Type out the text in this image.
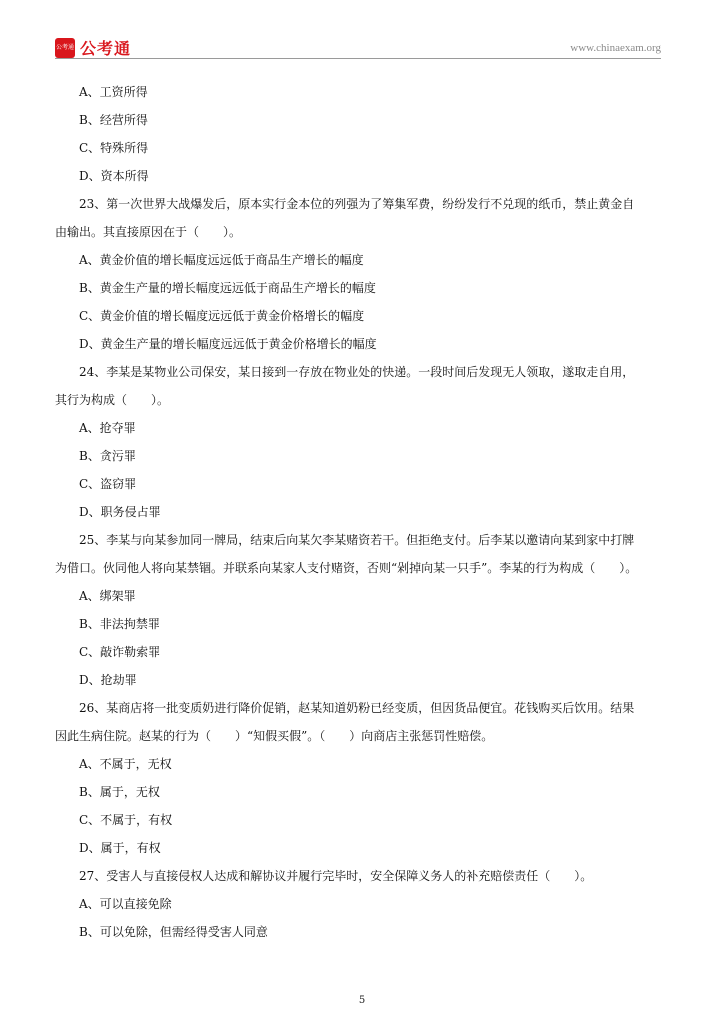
公考通 公考通	www.chinaexam.org
A、工资所得
B、经营所得
C、特殊所得
D、资本所得
23、第一次世界大战爆发后，原本实行金本位的列强为了筹集军费，纷纷发行不兑现的纸币，禁止黄金自
由输出。其直接原因在于（　　）。
A、黄金价值的增长幅度远远低于商品生产增长的幅度
B、黄金生产量的增长幅度远远低于商品生产增长的幅度
C、黄金价值的增长幅度远远低于黄金价格增长的幅度
D、黄金生产量的增长幅度远远低于黄金价格增长的幅度
24、李某是某物业公司保安，某日接到一存放在物业处的快递。一段时间后发现无人领取，遂取走自用，
其行为构成（　　）。
A、抢夺罪
B、贪污罪
C、盗窃罪
D、职务侵占罪
25、李某与向某参加同一牌局，结束后向某欠李某赌资若干。但拒绝支付。后李某以邀请向某到家中打牌
为借口。伙同他人将向某禁锢。并联系向某家人支付赌资，否则“剁掉向某一只手”。李某的行为构成（　　）。
A、绑架罪
B、非法拘禁罪
C、敲诈勒索罪
D、抢劫罪
26、某商店将一批变质奶进行降价促销，赵某知道奶粉已经变质，但因货品便宜。花钱购买后饮用。结果
因此生病住院。赵某的行为（　　）“知假买假”。（　　）向商店主张惩罚性赔偿。
A、不属于，无权
B、属于，无权
C、不属于，有权
D、属于，有权
27、受害人与直接侵权人达成和解协议并履行完毕时，安全保障义务人的补充赔偿责任（　　）。
A、可以直接免除
B、可以免除，但需经得受害人同意
5
